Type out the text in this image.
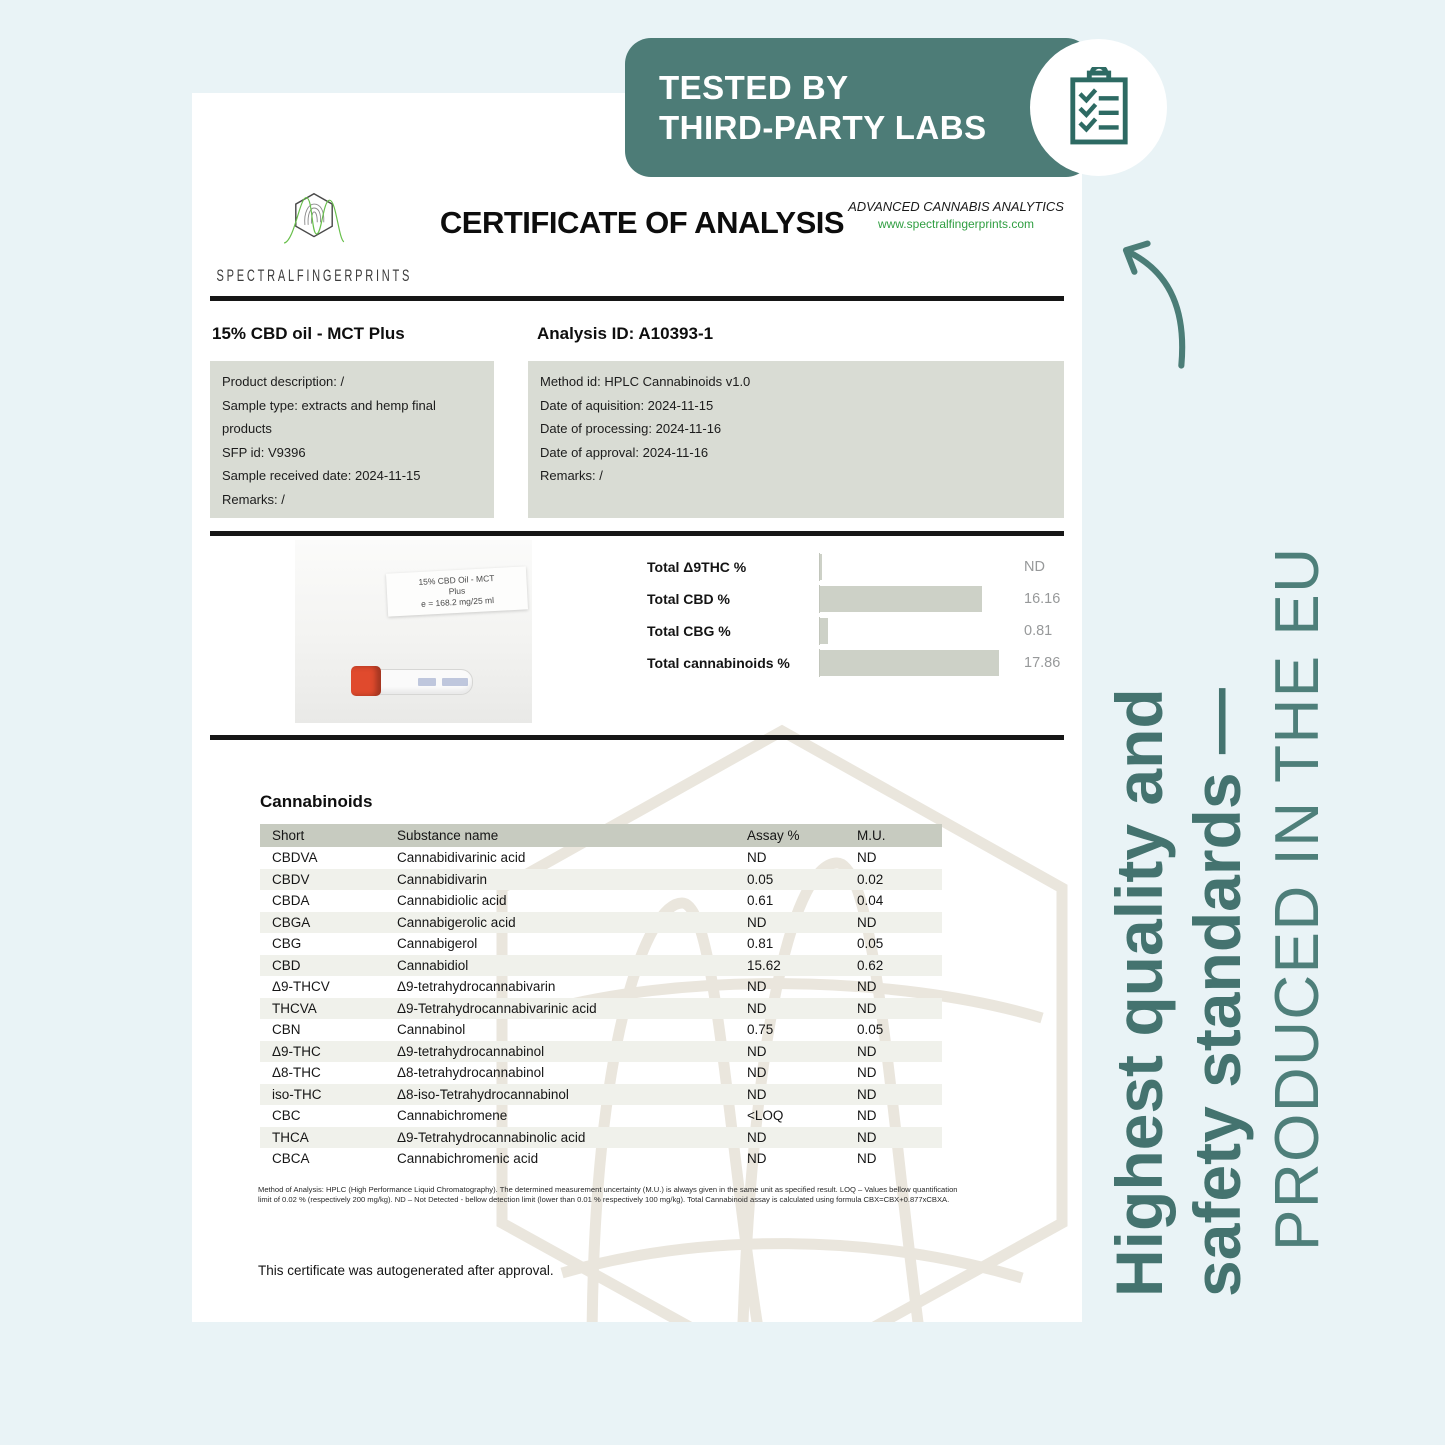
SPECTRALFINGERPRINTS
CERTIFICATE OF ANALYSIS ADVANCED CANNABIS ANALYTICS
www.spectralfingerprints.com
15% CBD oil - MCT Plus	Analysis ID: A10393-1
Product description: /
Sample type: extracts and hemp final products
SFP id: V9396
Sample received date: 2024-11-15
Remarks: /
Method id: HPLC Cannabinoids v1.0
Date of aquisition: 2024-11-15
Date of processing: 2024-11-16
Date of approval: 2024-11-16
Remarks: /
15% CBD Oil - MCT
Plus
e = 168.2 mg/25 ml
Total Δ9THC %	ND
Total CBD %	16.16
Total CBG %	0.81
Total cannabinoids %	17.86
Cannabinoids
Short	Substance name	Assay %	M.U.
CBDVA	Cannabidivarinic acid	ND	ND
CBDV	Cannabidivarin	0.05	0.02
CBDA	Cannabidiolic acid	0.61	0.04
CBGA	Cannabigerolic acid	ND	ND
CBG	Cannabigerol	0.81	0.05
CBD	Cannabidiol	15.62	0.62
Δ9-THCV	Δ9-tetrahydrocannabivarin	ND	ND
THCVA	Δ9-Tetrahydrocannabivarinic acid	ND	ND
CBN	Cannabinol	0.75	0.05
Δ9-THC	Δ9-tetrahydrocannabinol	ND	ND
Δ8-THC	Δ8-tetrahydrocannabinol	ND	ND
iso-THC	Δ8-iso-Tetrahydrocannabinol	ND	ND
CBC	Cannabichromene	<LOQ	ND
THCA	Δ9-Tetrahydrocannabinolic acid	ND	ND
CBCA	Cannabichromenic acid	ND	ND
Method of Analysis: HPLC (High Performance Liquid Chromatography). The determined measurement uncertainty (M.U.) is always given in the same unit as specified result. LOQ – Values bellow quantification limit of 0.02 % (respectively 200 mg/kg). ND – Not Detected - bellow detection limit (lower than 0.01 % respectively 100 mg/kg). Total Cannabinoid assay is calculated using formula CBX=CBX+0.877xCBXA.
This certificate was autogenerated after approval.
TESTED BY
THIRD-PARTY LABS
Highest quality and safety standards — PRODUCED IN THE EU
